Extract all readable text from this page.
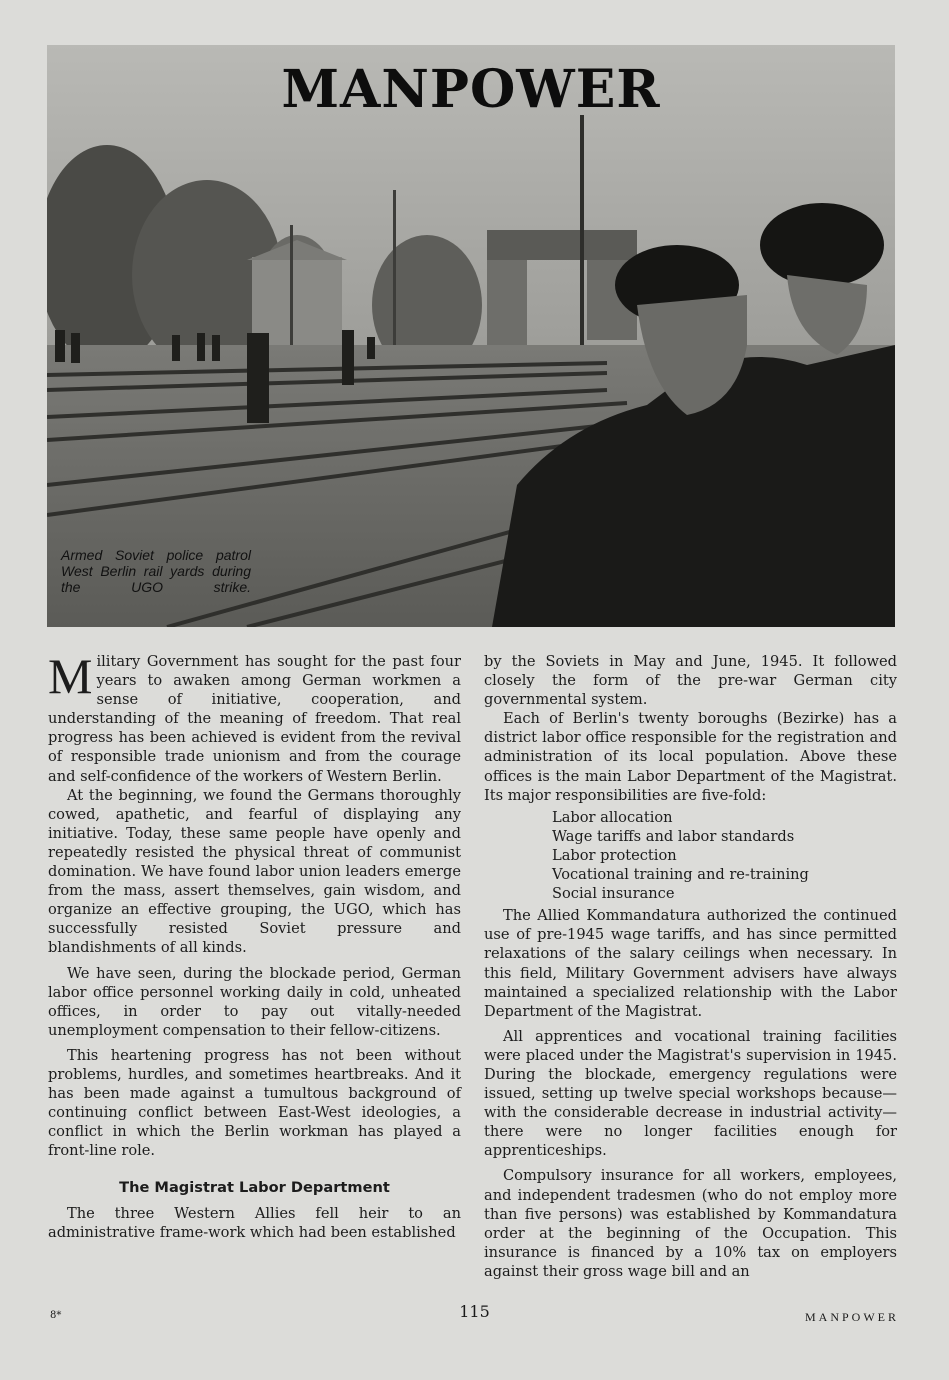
MANPOWER
Armed Soviet police patrol West Berlin rail yards during the UGO strike.

Military Government has sought for the past four years to awaken among German workmen a sense of initiative, cooperation, and understanding of the meaning of freedom. That real progress has been achieved is evident from the revival of responsible trade unionism and from the courage and self-confidence of the workers of Western Berlin.

At the beginning, we found the Germans thoroughly cowed, apathetic, and fearful of displaying any initiative. Today, these same people have openly and repeatedly resisted the physical threat of communist domination. We have found labor union leaders emerge from the mass, assert themselves, gain wisdom, and organize an effective grouping, the UGO, which has successfully resisted Soviet pressure and blandishments of all kinds.

We have seen, during the blockade period, German labor office personnel working daily in cold, unheated offices, in order to pay out vitally-needed unemployment compensation to their fellow-citizens.

This heartening progress has not been without problems, hurdles, and sometimes heartbreaks. And it has been made against a tumultous background of continuing conflict between East-West ideologies, a conflict in which the Berlin workman has played a front-line role.

The Magistrat Labor Department

The three Western Allies fell heir to an administrative frame-work which had been established

by the Soviets in May and June, 1945. It followed closely the form of the pre-war German city governmental system.

Each of Berlin's twenty boroughs (Bezirke) has a district labor office responsible for the registration and administration of its local population. Above these offices is the main Labor Department of the Magistrat. Its major responsibilities are five-fold:

Labor allocation
Wage tariffs and labor standards
Labor protection
Vocational training and re-training
Social insurance

The Allied Kommandatura authorized the continued use of pre-1945 wage tariffs, and has since permitted relaxations of the salary ceilings when necessary. In this field, Military Government advisers have always maintained a specialized relationship with the Labor Department of the Magistrat.

All apprentices and vocational training facilities were placed under the Magistrat's supervision in 1945. During the blockade, emergency regulations were issued, setting up twelve special workshops because—with the considerable decrease in industrial activity—there were no longer facilities enough for apprenticeships.

Compulsory insurance for all workers, employees, and independent tradesmen (who do not employ more than five persons) was established by Kommandatura order at the beginning of the Occupation. This insurance is financed by a 10% tax on employers against their gross wage bill and an

8*	115	MANPOWER
